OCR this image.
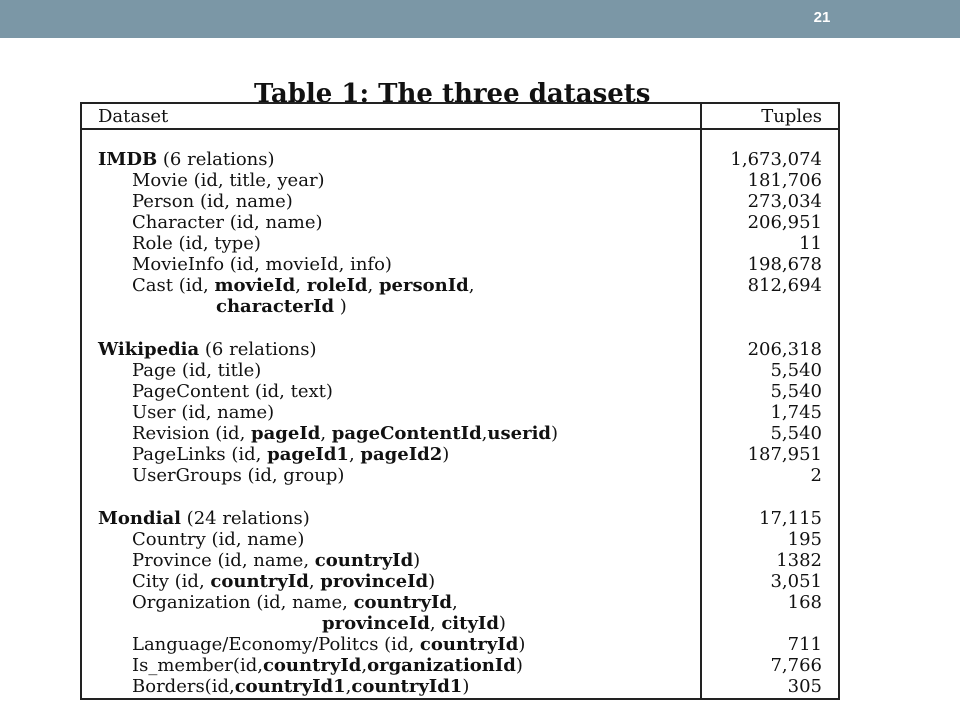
21
Table 1: The three datasets
Dataset	Tuples
IMDB (6 relations)	1,673,074
Movie (id, title, year)	181,706
Person (id, name)	273,034
Character (id, name)	206,951
Role (id, type)	11
MovieInfo (id, movieId, info)	198,678
Cast (id, movieId, roleId, personId,	812,694
characterId )
Wikipedia (6 relations)	206,318
Page (id, title)	5,540
PageContent (id, text)	5,540
User (id, name)	1,745
Revision (id, pageId, pageContentId,userid)	5,540
PageLinks (id, pageId1, pageId2)	187,951
UserGroups (id, group)	2
Mondial (24 relations)	17,115
Country (id, name)	195
Province (id, name, countryId)	1382
City (id, countryId, provinceId)	3,051
Organization (id, name, countryId,	168
provinceId, cityId)
Language/Economy/Politcs (id, countryId)	711
Is_member(id,countryId,organizationId)	7,766
Borders(id,countryId1,countryId1)	305
